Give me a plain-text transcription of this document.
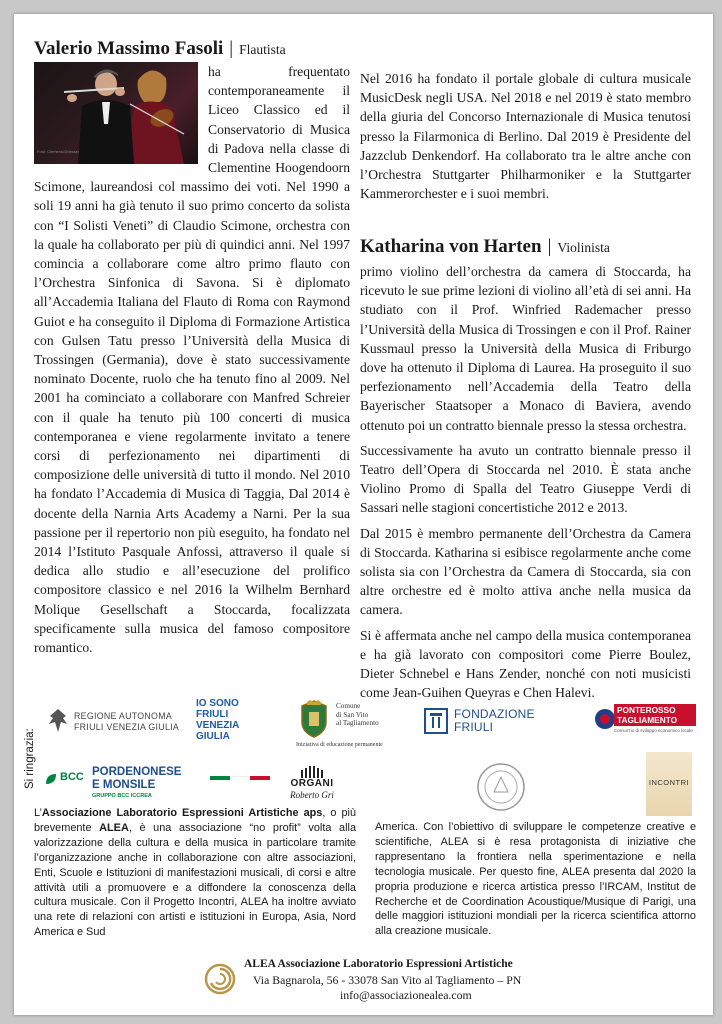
Valerio Massimo Fasoli | Flautista
Foto: Clemens/Griesser

ha frequentato contemporaneamente il Liceo Classico ed il Conservatorio di Musica di Padova nella classe di Clementine Hoogendoorn Scimone, laureandosi col massimo dei voti. Nel 1990 a soli 19 anni ha già tenuto il suo primo concerto da solista con “I Solisti Veneti” di Claudio Scimone, orchestra con la quale ha collaborato per più di quindici anni. Nel 1997 comincia a collaborare come altro primo flauto con l’Orchestra Sinfonica di Savona. Si è diplomato all’Accademia Italiana del Flauto di Roma con Raymond Guiot e ha conseguito il Diploma di Formazione Artistica con Gulsen Tatu presso l’Università della Musica di Trossingen (Germania), dove è stato successivamente nominato Docente, ruolo che ha tenuto fino al 2009. Nel 2001 ha cominciato a collaborare con Manfred Schreier con il quale ha tenuto più 100 concerti di musica contemporanea e viene regolarmente invitato a tenere corsi di perfezionamento nei dipartimenti di composizione delle università di tutto il mondo. Nel 2010 ha fondato l’Accademia di Musica di Taggia, Dal 2014 è docente della Narnia Arts Academy a Narni. Per la sua passione per il repertorio non più eseguito, ha fondato nel 2014 l’Istituto Pasquale Anfossi, attraverso il quale si dedica allo studio e all’esecuzione del prolifico compositore classico e nel 2016 la Wilhelm Bernhard Molique Gesellschaft a Stoccarda, focalizzata specificamente sulla musica del famoso compositore romantico.

Nel 2016 ha fondato il portale globale di cultura musicale MusicDesk negli USA. Nel 2018 e nel 2019 è stato membro della giuria del Concorso Internazionale di Musica tenutosi presso la Filarmonica di Berlino. Dal 2019 è Presidente del Jazzclub Denkendorf. Ha collaborato tra le altre anche con l’Orchestra Stuttgarter Philharmoniker e la Stuttgarter Kammerorchester e i suoi membri.

Katharina von Harten | Violinista

primo violino dell’orchestra da camera di Stoccarda, ha ricevuto le sue prime lezioni di violino all’età di sei anni. Ha studiato con il Prof. Winfried Rademacher presso l’Università della Musica di Trossingen e con il Prof. Rainer Kussmaul presso la Università della Musica di Friburgo dove ha ottenuto il Diploma di Laurea. Ha proseguito il suo perfezionamento nell’Accademia della Teatro della Bayerischer Staatsoper a Monaco di Baviera, avendo ottenuto poi un contratto biennale presso la stessa orchestra.

Successivamente ha avuto un contratto biennale presso il Teatro dell’Opera di Stoccarda nel 2010. È stata anche Violino Promo di Spalla del Teatro Giuseppe Verdi di Sassari nelle stagioni concertistiche 2012 e 2013.

Dal 2015 è membro permanente dell’Orchestra da Camera di Stoccarda. Katharina si esibisce regolarmente anche come solista sia con l’Orchestra da Camera di Stoccarda, sia con altre orchestre ed è molto attiva anche nella musica da camera.

Si è affermata anche nel campo della musica contemporanea e ha già lavorato con compositori come Pierre Boulez, Dieter Schnebel e Hans Zender, nonché con noti musicisti come Jean-Guihen Queyras e Chen Halevi.

Si ringrazia:
REGIONE AUTONOMA
FRIULI VENEZIA GIULIA
IO SONO
FRIULI
VENEZIA
GIULIA
Comune
di San Vito
al Tagliamento
Iniziativa di educazione permanente
FONDAZIONE
FRIULI
PONTEROSSO
TAGLIAMENTO
Consorzio di sviluppo economico locale
BCC PORDENONESE
E MONSILE
GRUPPO BCC ICCREA
ORGANI
Roberto Gri
INCONTRI
L’Associazione Laboratorio Espressioni Artistiche aps, o più brevemente ALEA, è una associazione “no profit” volta alla valorizzazione della cultura e della musica in particolare tramite l’organizzazione anche in collaborazione con altre associazioni, Enti, Scuole e Istituzioni di manifestazioni musicali, di corsi e altre attività utili a promuovere e a diffondere la conoscenza della cultura musicale. Con il Progetto Incontri, ALEA ha inoltre avviato una rete di relazioni con artisti e istituzioni in Europa, Asia, Nord America e Sud
America. Con l’obiettivo di sviluppare le competenze creative e scientifiche, ALEA si è resa protagonista di iniziative che rappresentano la frontiera nella sperimentazione e nella tecnologia musicale. Per questo fine, ALEA presenta dal 2020 la propria produzione e ricerca artistica presso l’IRCAM, Institut de Recherche et de Coordination Acoustique/Musique di Parigi, una delle maggiori istituzioni mondiali per la ricerca scientifica attorno alla creazione musicale.
ALEA Associazione Laboratorio Espressioni Artistiche
Via Bagnarola, 56 - 33078 San Vito al Tagliamento – PN
info@associazionealea.com
